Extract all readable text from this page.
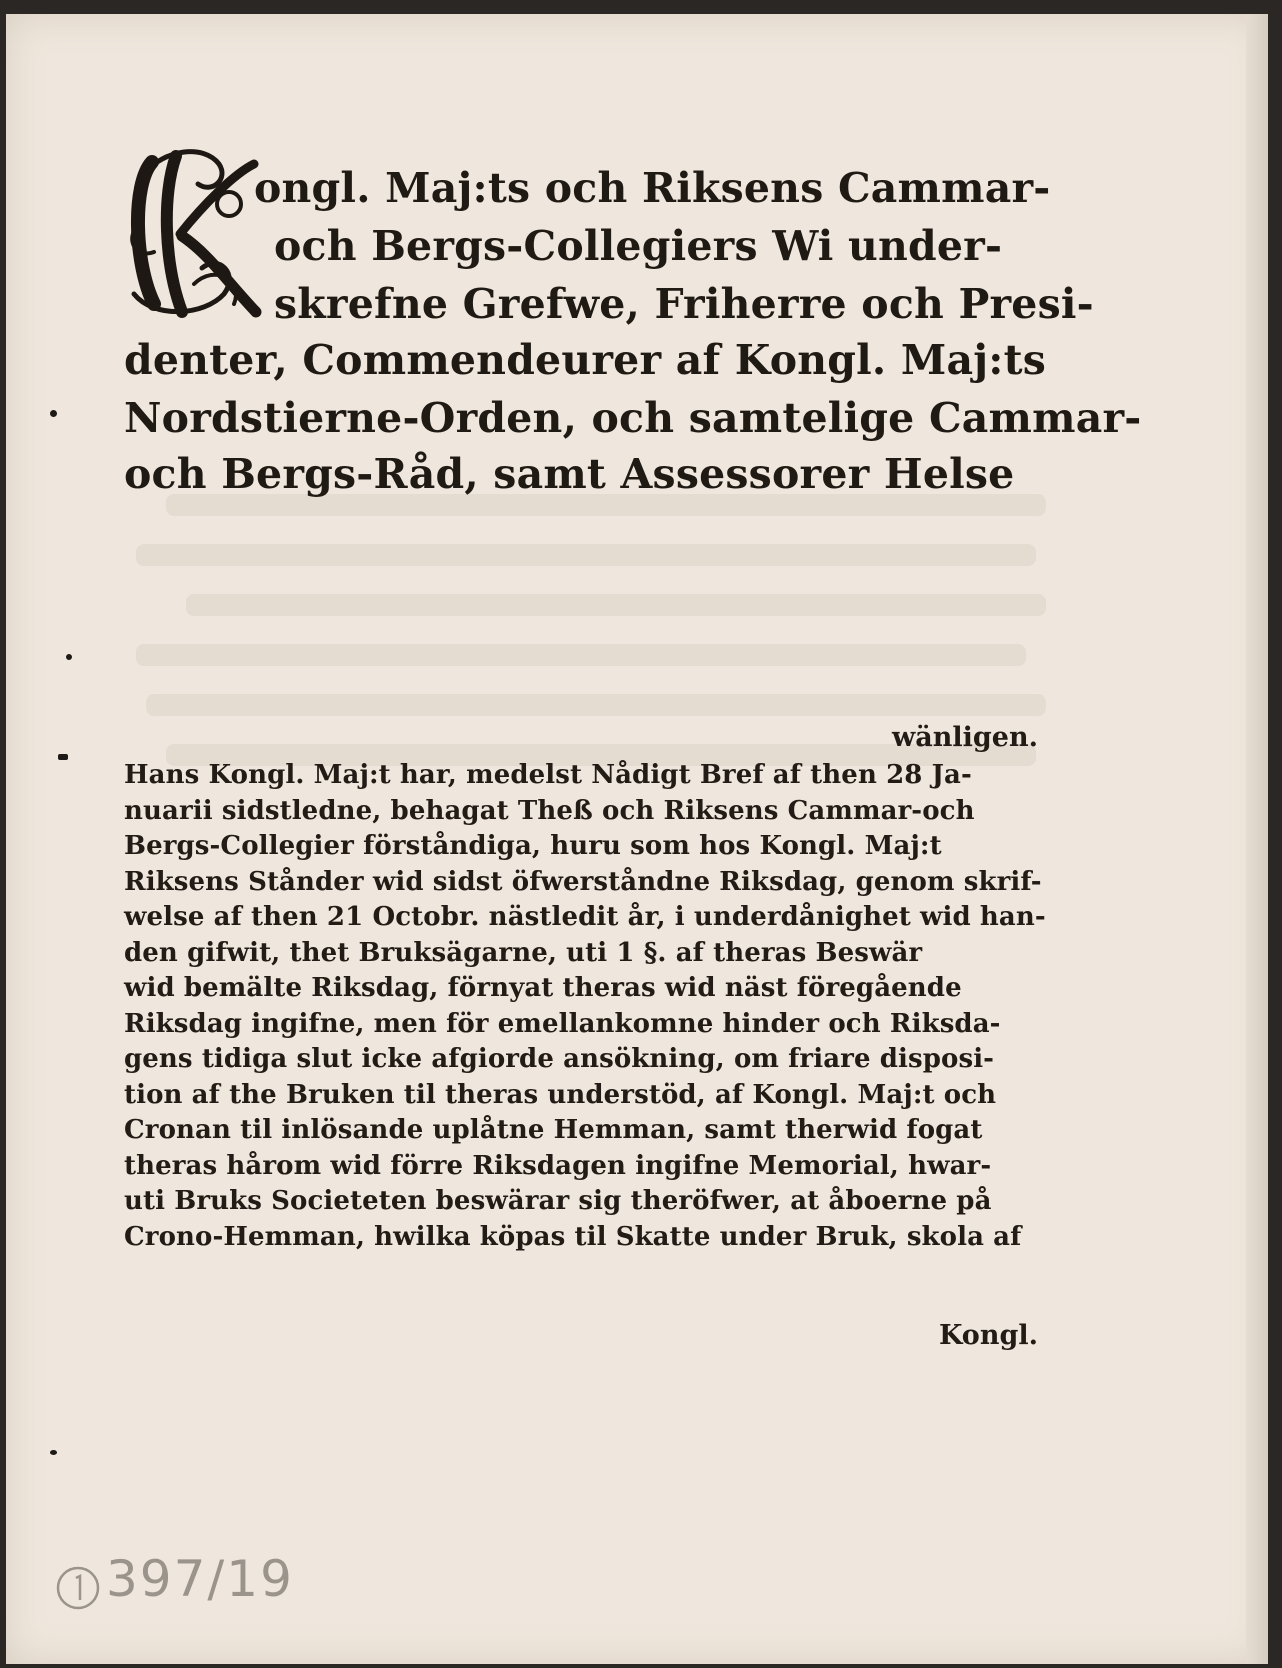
ongl. Maj:ts och Riksens Cammar-
och Bergs-Collegiers Wi under-
skrefne Grefwe, Friherre och Presi-
denter, Commendeurer af Kongl. Maj:ts
Nordstierne-Orden, och samtelige Cammar-
och Bergs-Råd, samt Assessorer Helse
wänligen.
Hans Kongl. Maj:t har, medelst Nådigt Bref af then 28 Ja-
nuarii sidstledne, behagat Theß och Riksens Cammar-och
Bergs-Collegier förståndiga, huru som hos Kongl. Maj:t
Riksens Stånder wid sidst öfwerståndne Riksdag, genom skrif-
welse af then 21 Octobr. nästledit år, i underdånighet wid han-
den gifwit, thet Bruksägarne, uti 1 §. af theras Beswär
wid bemälte Riksdag, förnyat theras wid näst föregående
Riksdag ingifne, men för emellankomne hinder och Riksda-
gens tidiga slut icke afgiorde ansökning, om friare disposi-
tion af the Bruken til theras understöd, af Kongl. Maj:t och
Cronan til inlösande uplåtne Hemman, samt therwid fogat
theras hårom wid förre Riksdagen ingifne Memorial, hwar-
uti Bruks Societeten beswärar sig theröfwer, at åboerne på
Crono-Hemman, hwilka köpas til Skatte under Bruk, skola af
Kongl.
397/19
